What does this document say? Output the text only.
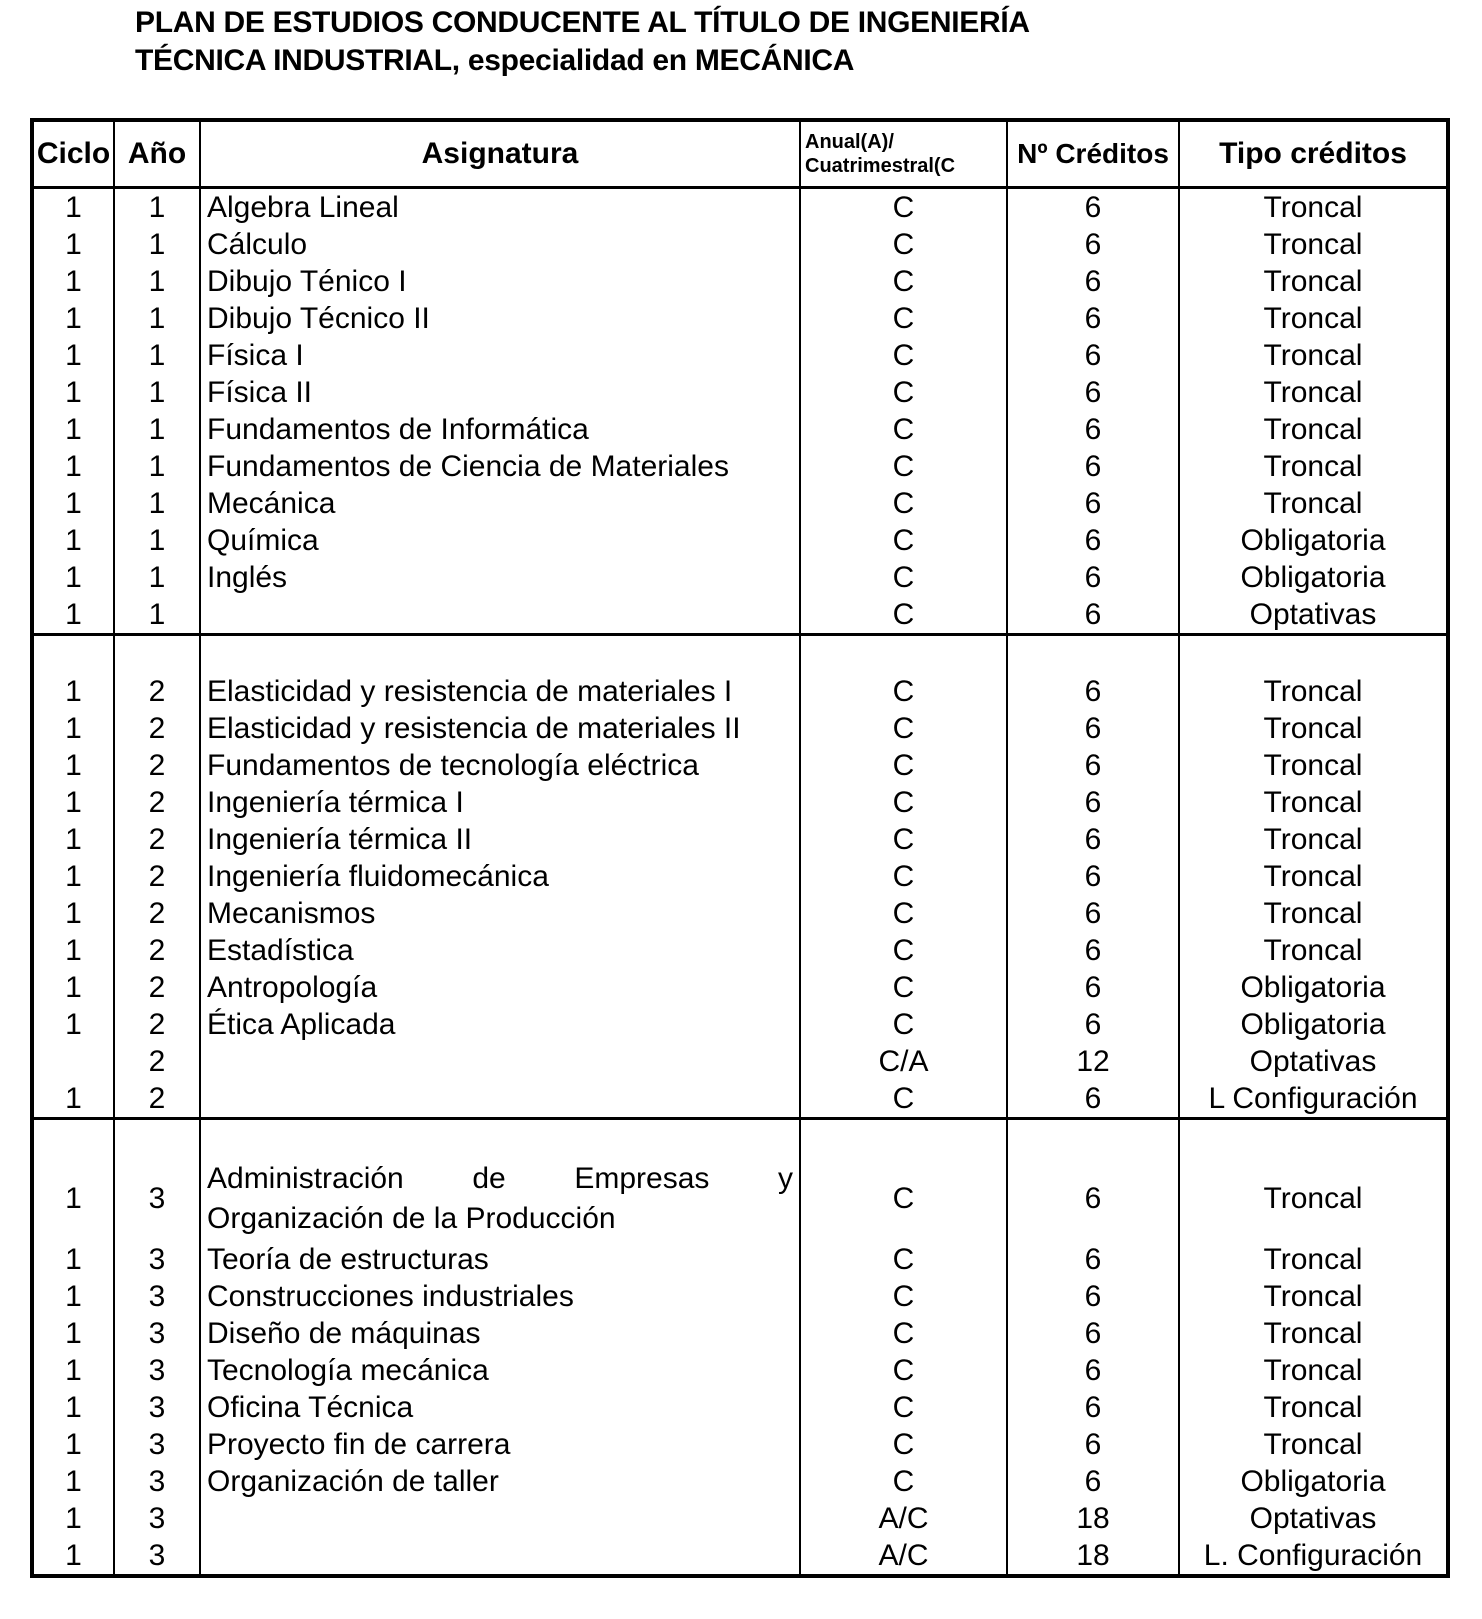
PLAN DE ESTUDIOS CONDUCENTE AL TÍTULO DE INGENIERÍA
TÉCNICA INDUSTRIAL, especialidad en MECÁNICA
Ciclo	Año	Asignatura	Anual(A)/
Cuatrimestral(C	Nº Créditos	Tipo créditos
1	1	Algebra Lineal	C	6	Troncal
1	1	Cálculo	C	6	Troncal
1	1	Dibujo Ténico I	C	6	Troncal
1	1	Dibujo Técnico II	C	6	Troncal
1	1	Física I	C	6	Troncal
1	1	Física II	C	6	Troncal
1	1	Fundamentos de Informática	C	6	Troncal
1	1	Fundamentos de Ciencia de Materiales	C	6	Troncal
1	1	Mecánica	C	6	Troncal
1	1	Química	C	6	Obligatoria
1	1	Inglés	C	6	Obligatoria
1	1		C	6	Optativas

1	2	Elasticidad y resistencia de materiales I	C	6	Troncal
1	2	Elasticidad y resistencia de materiales II	C	6	Troncal
1	2	Fundamentos de tecnología eléctrica	C	6	Troncal
1	2	Ingeniería térmica I	C	6	Troncal
1	2	Ingeniería térmica II	C	6	Troncal
1	2	Ingeniería fluidomecánica	C	6	Troncal
1	2	Mecanismos	C	6	Troncal
1	2	Estadística	C	6	Troncal
1	2	Antropología	C	6	Obligatoria
1	2	Ética Aplicada	C	6	Obligatoria
	2		C/A	12	Optativas
1	2		C	6	L Configuración

1	3	Administración de Empresas y Organización de la Producción	C	6	Troncal
1	3	Teoría de estructuras	C	6	Troncal
1	3	Construcciones industriales	C	6	Troncal
1	3	Diseño de máquinas	C	6	Troncal
1	3	Tecnología mecánica	C	6	Troncal
1	3	Oficina Técnica	C	6	Troncal
1	3	Proyecto fin de carrera	C	6	Troncal
1	3	Organización de taller	C	6	Obligatoria
1	3		A/C	18	Optativas
1	3		A/C	18	L. Configuración
